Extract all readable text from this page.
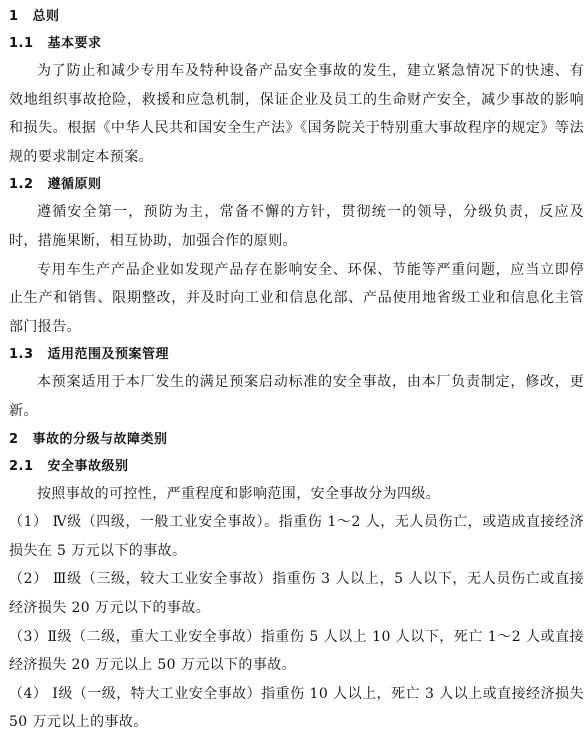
1 总则
1.1 基本要求

为了防止和减少专用车及特种设备产品安全事故的发生，建立紧急情况下的快速、有效地组织事故抢险，救援和应急机制，保证企业及员工的生命财产安全，减少事故的影响和损失。根据《中华人民共和国安全生产法》《国务院关于特别重大事故程序的规定》等法规的要求制定本预案。

1.2 遵循原则

遵循安全第一，预防为主，常备不懈的方针，贯彻统一的领导，分级负责，反应及时，措施果断，相互协助，加强合作的原则。

专用车生产产品企业如发现产品存在影响安全、环保、节能等严重问题，应当立即停止生产和销售、限期整改，并及时向工业和信息化部、产品使用地省级工业和信息化主管部门报告。

1.3 适用范围及预案管理

本预案适用于本厂发生的满足预案启动标准的安全事故，由本厂负责制定，修改，更新。

2 事故的分级与故障类别
2.1 安全事故级别

按照事故的可控性，严重程度和影响范围，安全事故分为四级。

（1） Ⅳ级（四级，一般工业安全事故）。指重伤 1～2 人，无人员伤亡，或造成直接经济损失在 5 万元以下的事故。

（2） Ⅲ级（三级，较大工业安全事故）指重伤 3 人以上，5 人以下，无人员伤亡或直接经济损失 20 万元以下的事故。

（3）Ⅱ级（二级，重大工业安全事故）指重伤 5 人以上 10 人以下，死亡 1～2 人或直接经济损失 20 万元以上 50 万元以下的事故。

（4） Ⅰ级（一级，特大工业安全事故）指重伤 10 人以上，死亡 3 人以上或直接经济损失 50 万元以上的事故。
